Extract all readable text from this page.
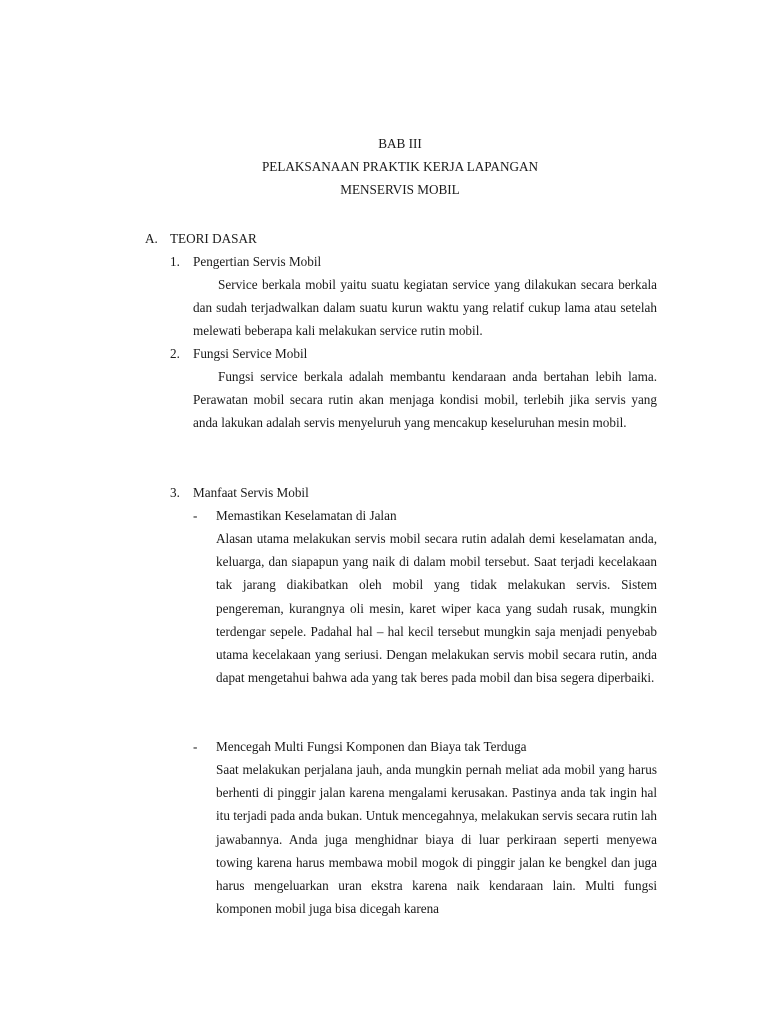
BAB III
PELAKSANAAN PRAKTIK KERJA LAPANGAN
MENSERVIS MOBIL
A. TEORI DASAR
1. Pengertian Servis Mobil

Service berkala mobil yaitu suatu kegiatan service yang dilakukan secara berkala dan sudah terjadwalkan dalam suatu kurun waktu yang relatif cukup lama atau setelah melewati beberapa kali melakukan service rutin mobil.

2. Fungsi Service Mobil

Fungsi service berkala adalah membantu kendaraan anda bertahan lebih lama. Perawatan mobil secara rutin akan menjaga kondisi mobil, terlebih jika servis yang anda lakukan adalah servis menyeluruh yang mencakup keseluruhan mesin mobil.

3. Manfaat Servis Mobil
- Memastikan Keselamatan di Jalan

Alasan utama melakukan servis mobil secara rutin adalah demi keselamatan anda, keluarga, dan siapapun yang naik di dalam mobil tersebut. Saat terjadi kecelakaan tak jarang diakibatkan oleh mobil yang tidak melakukan servis. Sistem pengereman, kurangnya oli mesin, karet wiper kaca yang sudah rusak, mungkin terdengar sepele. Padahal hal – hal kecil tersebut mungkin saja menjadi penyebab utama kecelakaan yang seriusi. Dengan melakukan servis mobil secara rutin, anda dapat mengetahui bahwa ada yang tak beres pada mobil dan bisa segera diperbaiki.

- Mencegah Multi Fungsi Komponen dan Biaya tak Terduga

Saat melakukan perjalana jauh, anda mungkin pernah meliat ada mobil yang harus berhenti di pinggir jalan karena mengalami kerusakan. Pastinya anda tak ingin hal itu terjadi pada anda bukan. Untuk mencegahnya, melakukan servis secara rutin lah jawabannya. Anda juga menghidnar biaya di luar perkiraan seperti menyewa towing karena harus membawa mobil mogok di pinggir jalan ke bengkel dan juga harus mengeluarkan uran ekstra karena naik kendaraan lain. Multi fungsi komponen mobil juga bisa dicegah karena
